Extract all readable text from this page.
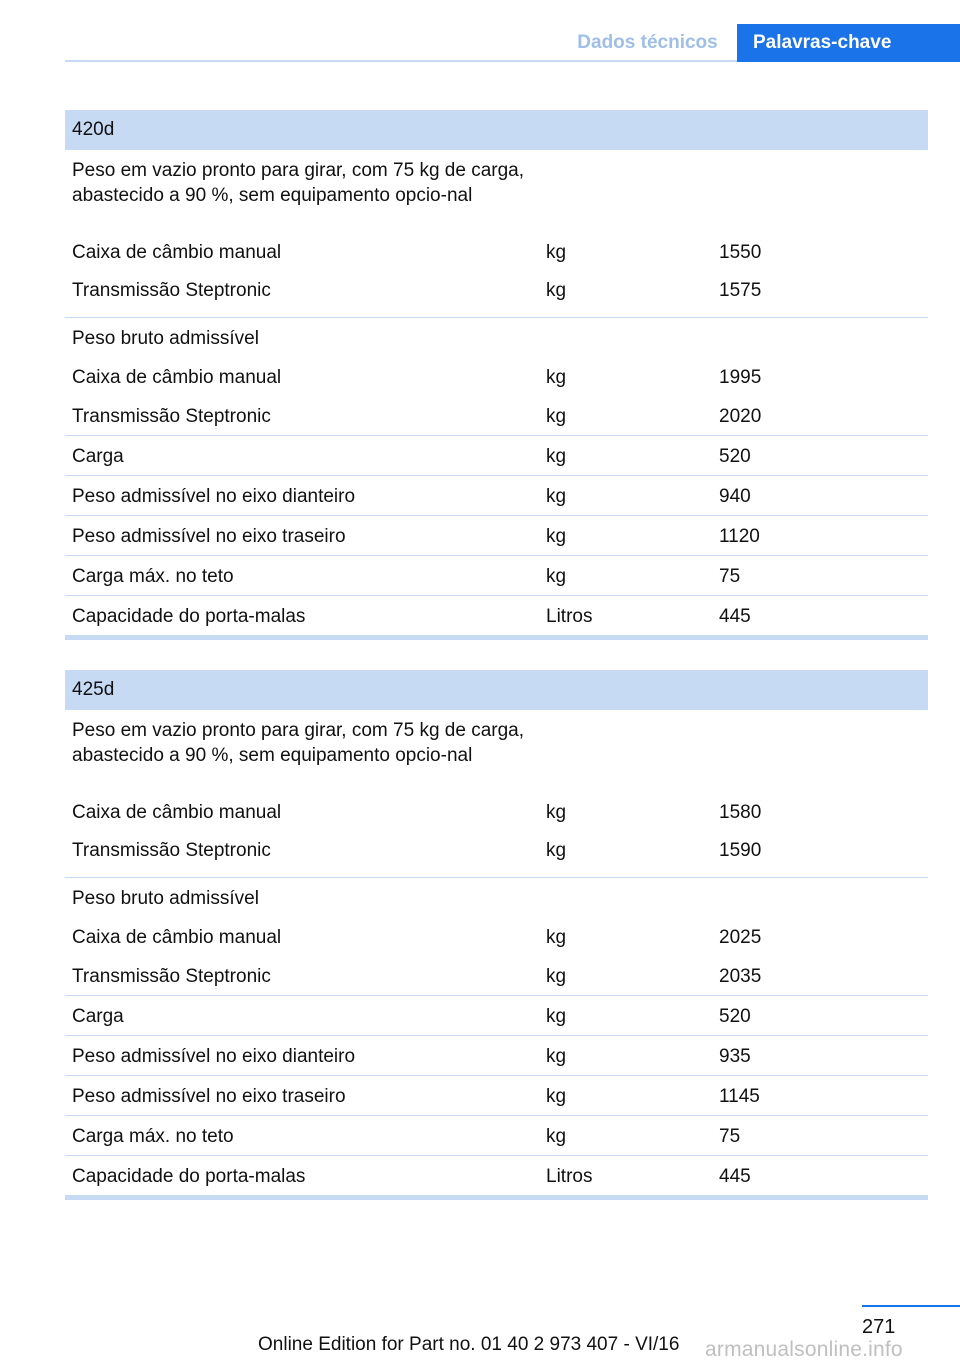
Dados técnicos	Palavras-chave
420d
Peso em vazio pronto para girar, com 75 kg de carga, abastecido a 90 %, sem equipamento opcio‐nal
Caixa de câmbio manual	kg	1550
Transmissão Steptronic	kg	1575
Peso bruto admissível
Caixa de câmbio manual	kg	1995
Transmissão Steptronic	kg	2020
Carga	kg	520
Peso admissível no eixo dianteiro	kg	940
Peso admissível no eixo traseiro	kg	1120
Carga máx. no teto	kg	75
Capacidade do porta-malas	Litros	445
425d
Peso em vazio pronto para girar, com 75 kg de carga, abastecido a 90 %, sem equipamento opcio‐nal
Caixa de câmbio manual	kg	1580
Transmissão Steptronic	kg	1590
Peso bruto admissível
Caixa de câmbio manual	kg	2025
Transmissão Steptronic	kg	2035
Carga	kg	520
Peso admissível no eixo dianteiro	kg	935
Peso admissível no eixo traseiro	kg	1145
Carga máx. no teto	kg	75
Capacidade do porta-malas	Litros	445
271
Online Edition for Part no. 01 40 2 973 407 - VI/16 armanualsonline.info
